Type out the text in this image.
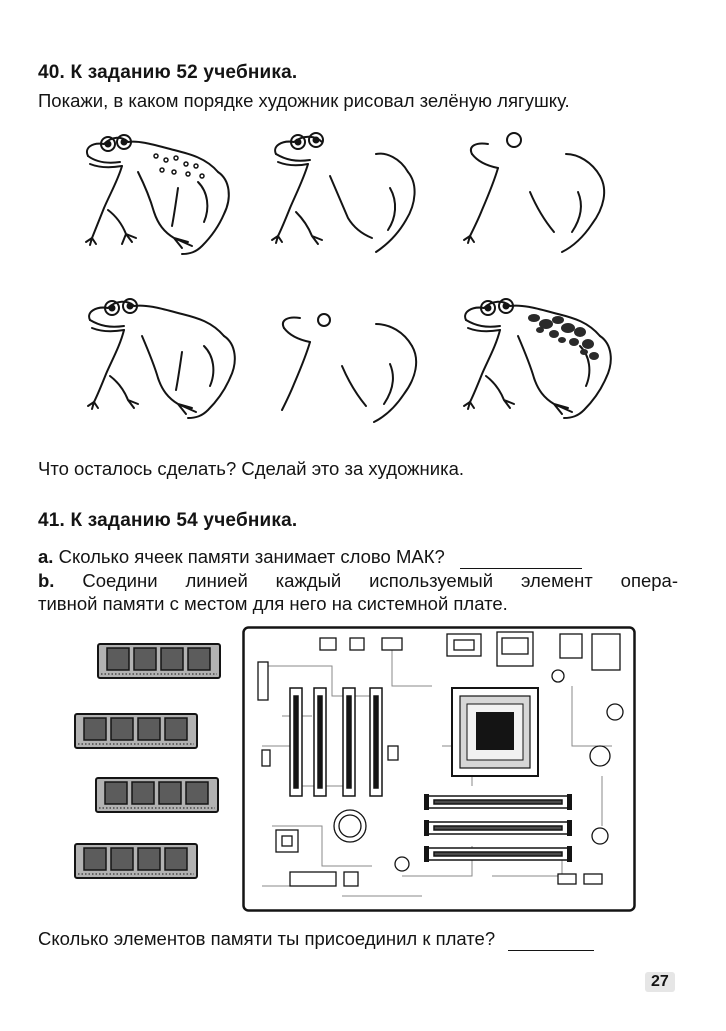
40. К заданию 52 учебника.
Покажи, в каком порядке художник рисовал зелёную лягушку.
Что осталось сделать? Сделай это за художника.
41. К заданию 54 учебника.
a. Сколько ячеек памяти занимает слово МАК?
b. Соедини линией каждый используемый элемент опера-
тивной памяти с местом для него на системной плате.
Сколько элементов памяти ты присоединил к плате?
27
